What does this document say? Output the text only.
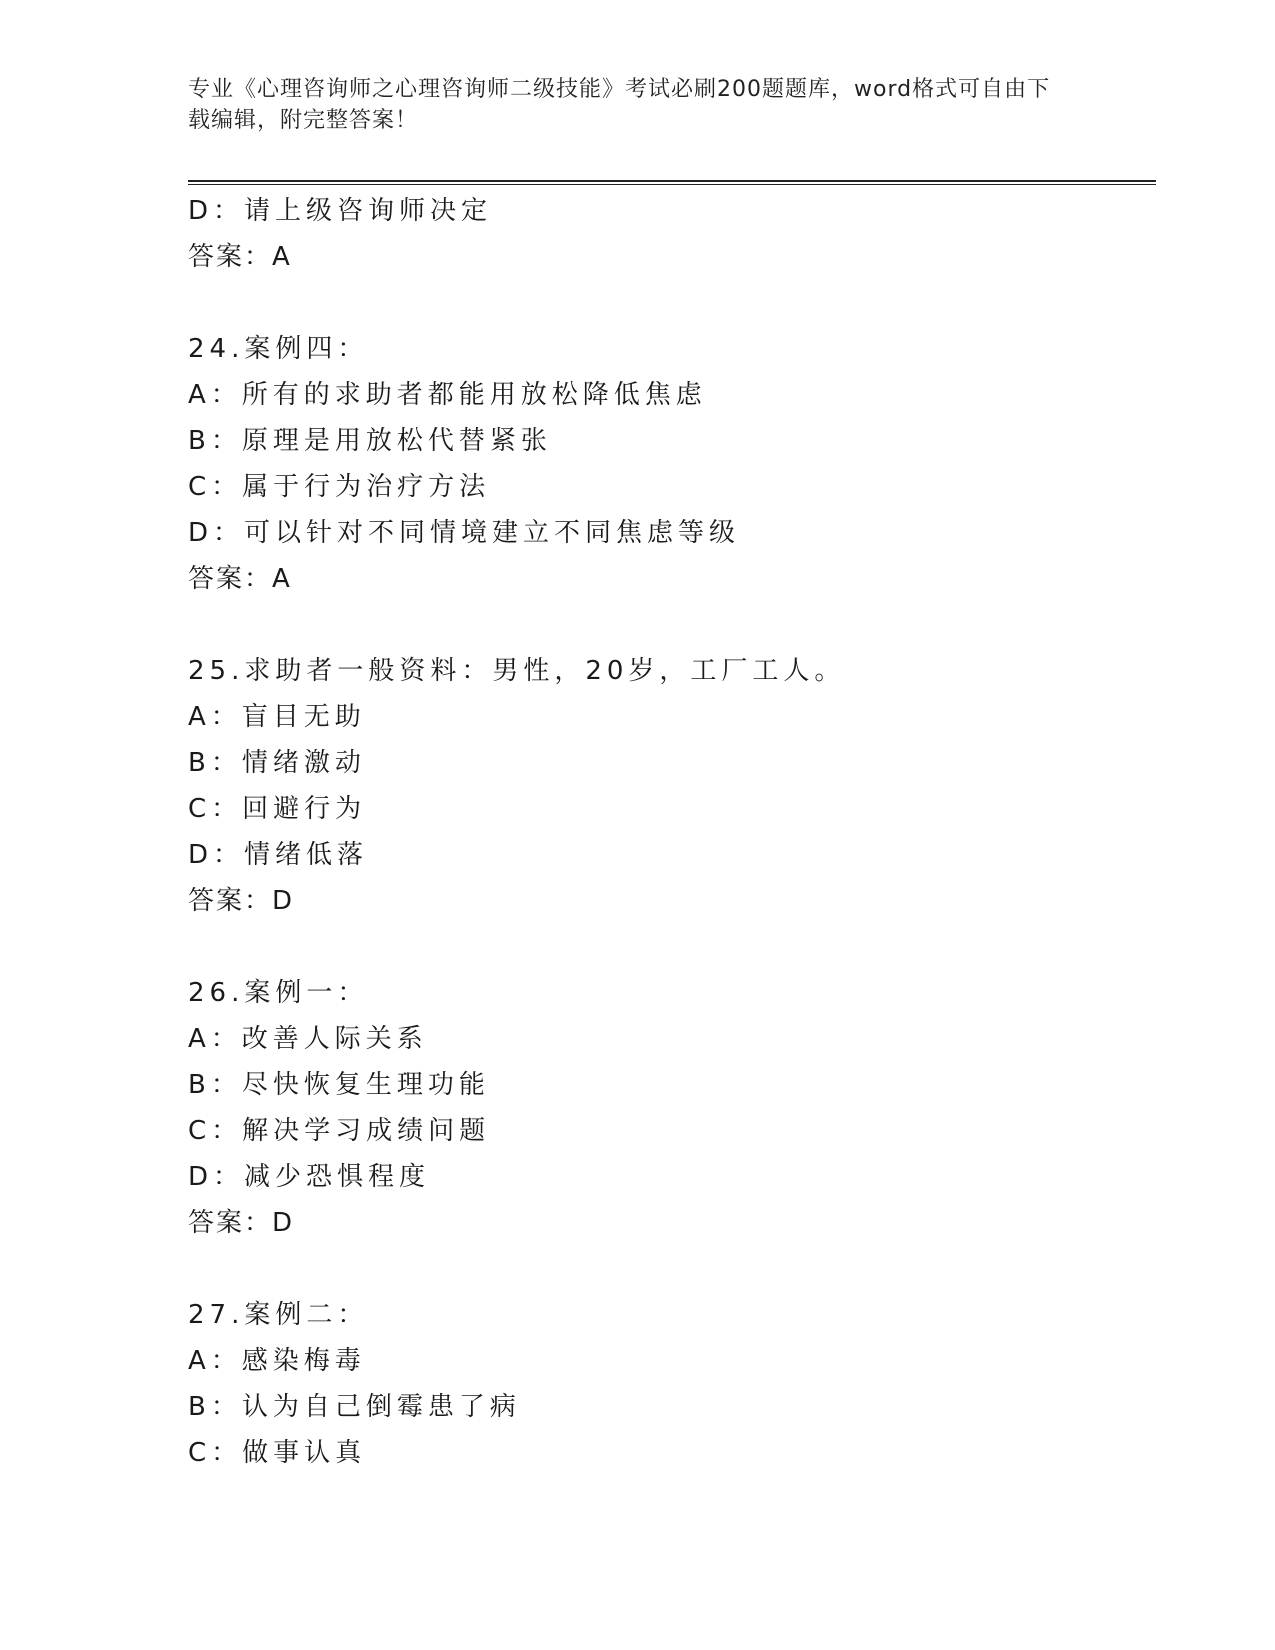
专业《心理咨询师之心理咨询师二级技能》考试必刷200题题库，word格式可自由下载编辑，附完整答案！
D：请上级咨询师决定
答案：A
24.案例四：
A：所有的求助者都能用放松降低焦虑
B：原理是用放松代替紧张
C：属于行为治疗方法
D：可以针对不同情境建立不同焦虑等级
答案：A
25.求助者一般资料：男性，20岁，工厂工人。
A：盲目无助
B：情绪激动
C：回避行为
D：情绪低落
答案：D
26.案例一：
A：改善人际关系
B：尽快恢复生理功能
C：解决学习成绩问题
D：减少恐惧程度
答案：D
27.案例二：
A：感染梅毒
B：认为自己倒霉患了病
C：做事认真
